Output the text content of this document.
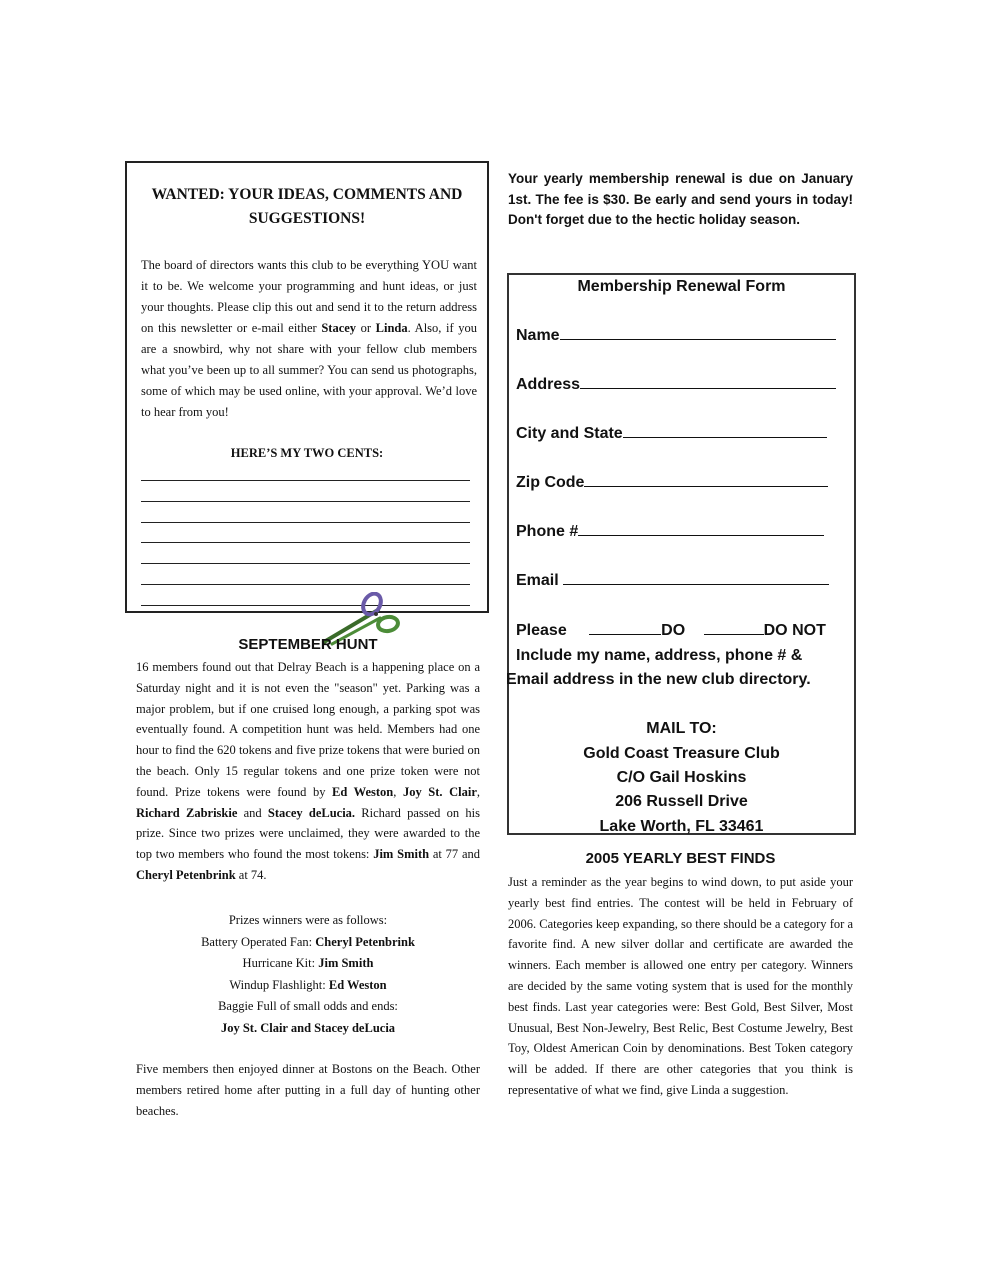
WANTED: YOUR IDEAS, COMMENTS AND
SUGGESTIONS!
The board of directors wants this club to be everything YOU want it to be. We welcome your programming and hunt ideas, or just your thoughts. Please clip this out and send it to the return address on this newsletter or e-mail either Stacey or Linda. Also, if you are a snowbird, why not share with your fellow club members what you’ve been up to all summer? You can send us photographs, some of which may be used online, with your approval. We’d love to hear from you!
HERE’S MY TWO CENTS:
SEPTEMBER HUNT
16 members found out that Delray Beach is a happening place on a Saturday night and it is not even the "season" yet. Parking was a major problem, but if one cruised long enough, a parking spot was eventually found. A competition hunt was held. Members had one hour to find the 620 tokens and five prize tokens that were buried on the beach. Only 15 regular tokens and one prize token were not found. Prize tokens were found by Ed Weston, Joy St. Clair, Richard Zabriskie and Stacey deLucia. Richard passed on his prize. Since two prizes were unclaimed, they were awarded to the top two members who found the most tokens: Jim Smith at 77 and Cheryl Petenbrink at 74.
Prizes winners were as follows:
Battery Operated Fan: Cheryl Petenbrink
Hurricane Kit: Jim Smith
Windup Flashlight: Ed Weston
Baggie Full of small odds and ends:
Joy St. Clair and Stacey deLucia
Five members then enjoyed dinner at Bostons on the Beach. Other members retired home after putting in a full day of hunting other beaches.
Your yearly membership renewal is due on January 1st. The fee is $30. Be early and send yours in today! Don't forget due to the hectic holiday season.
Membership Renewal Form
Name
Address
City and State
Zip Code
Phone #
Email
Please	DO	DO NOT
Include my name, address, phone # &
Email address in the new club directory.
MAIL TO:
Gold Coast Treasure Club
C/O Gail Hoskins
206 Russell Drive
Lake Worth, FL 33461
2005 YEARLY BEST FINDS
Just a reminder as the year begins to wind down, to put aside your yearly best find entries. The contest will be held in February of 2006. Categories keep expanding, so there should be a category for a favorite find. A new silver dollar and certificate are awarded the winners. Each member is allowed one entry per category. Winners are decided by the same voting system that is used for the monthly best finds. Last year categories were: Best Gold, Best Silver, Most Unusual, Best Non-Jewelry, Best Relic, Best Costume Jewelry, Best Toy, Oldest American Coin by denominations. Best Token category will be added. If there are other categories that you think is representative of what we find, give Linda a suggestion.
